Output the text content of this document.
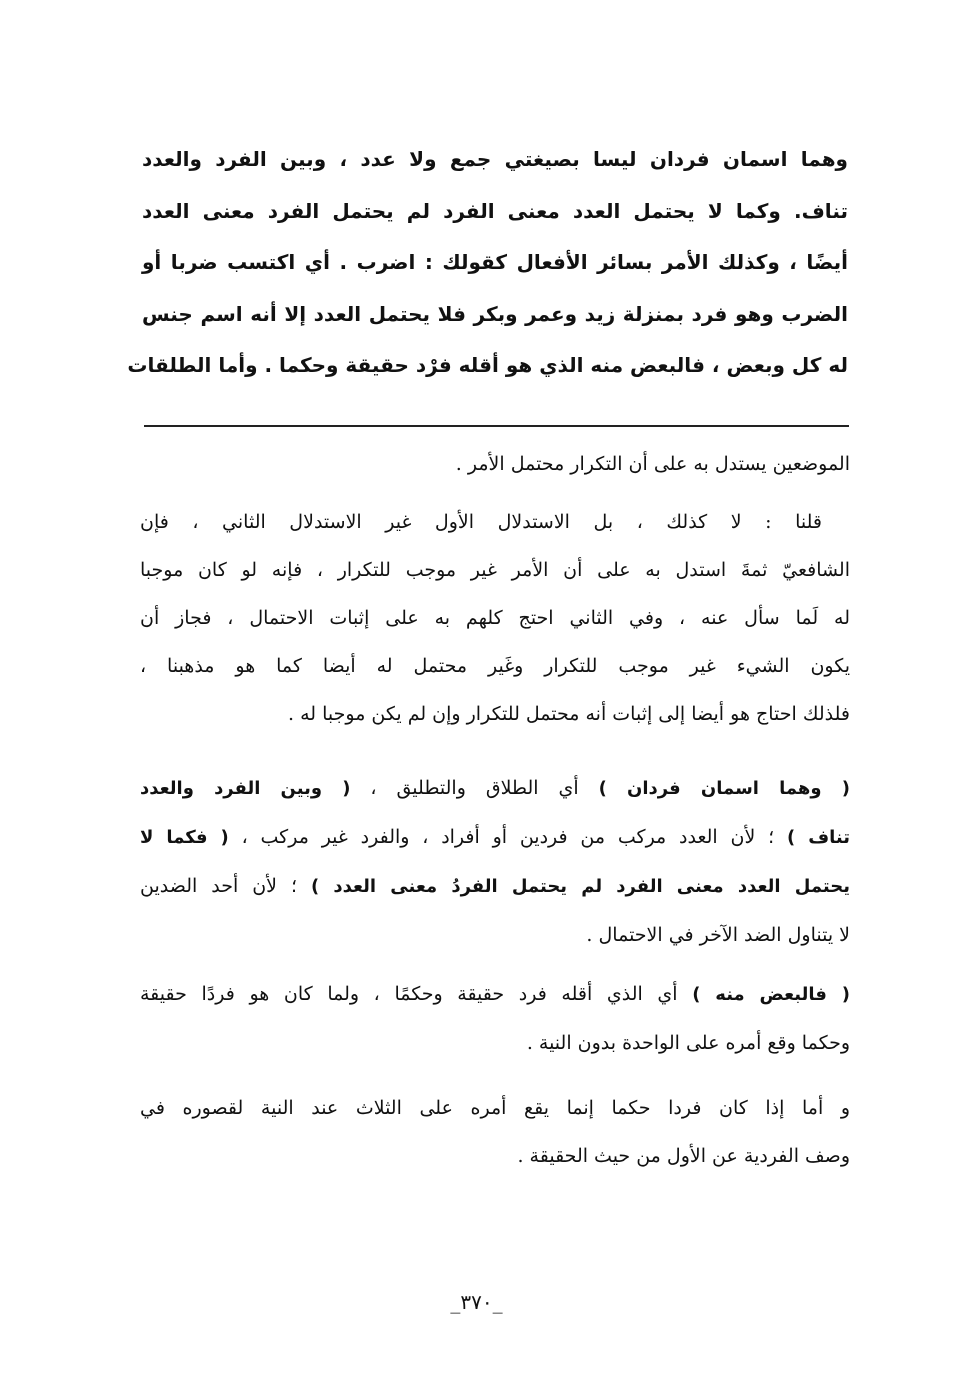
وهما اسمان فردان ليسا بصيغتي جمع ولا عدد ، وبين الفرد والعدد
تناف. وكما لا يحتمل العدد معنى الفرد لم يحتمل الفرد معنى العدد
أيضًا ، وكذلك الأمر بسائر الأفعال كقولك : اضرب . أي اكتسب ضربا أو
الضرب وهو فرد بمنزلة زيد وعمر وبكر فلا يحتمل العدد إلا أنه اسم جنس
له كل وبعض ، فالبعض منه الذي هو أقله فرْد حقيقة وحكما . وأما الطلقات
الموضعين يستدل به على أن التكرار محتمل الأمر .
قلنا : لا كذلك ، بل الاستدلال الأول غير الاستدلال الثاني ، فإن
الشافعيّ ثمةَ استدل به على أن الأمر غير موجب للتكرار ، فإنه لو كان موجبا
له لَما سأل عنه ، وفي الثاني احتج كلهم به على إثبات الاحتمال ، فجاز أن
يكون الشيء غير موجب للتكرار وغَير محتمل له أيضا كما هو مذهبنا ،
فلذلك احتاج هو أيضا إلى إثبات أنه محتمل للتكرار وإن لم يكن موجبا له .
( وهما اسمان فردان ) أي الطلاق والتطليق ، ( وبين الفرد والعدد
تناف ) ؛ لأن العدد مركب من فردين أو أفراد ، والفرد غير مركب ، ( فكما لا
يحتمل العدد معنى الفرد لم يحتمل الفردُ معنى العدد ) ؛ لأن أحد الضدين
لا يتناول الضد الآخر في الاحتمال .
( فالبعض منه ) أي الذي أقله فرد حقيقة وحكمًا ، ولما كان هو فردًا حقيقة
وحكما وقع أمره على الواحدة بدون النية .
و أما إذا كان فردا حكما إنما يقع أمره على الثلاث عند النية لقصوره في
وصف الفردية عن الأول من حيث الحقيقة .
_٣٧٠_
